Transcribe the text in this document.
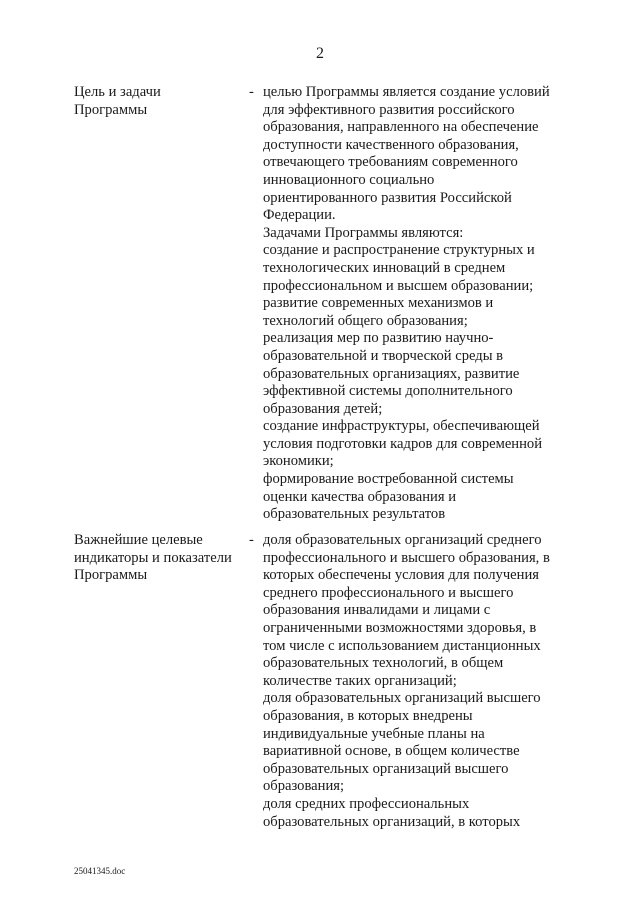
2
Цель и задачи
Программы
- целью Программы является создание условий
для эффективного развития российского
образования, направленного на обеспечение
доступности качественного образования,
отвечающего требованиям современного
инновационного социально
ориентированного развития Российской
Федерации.
Задачами Программы являются:
создание и распространение структурных и
технологических инноваций в среднем
профессиональном и высшем образовании;
развитие современных механизмов и
технологий общего образования;
реализация мер по развитию научно-
образовательной и творческой среды в
образовательных организациях, развитие
эффективной системы дополнительного
образования детей;
создание инфраструктуры, обеспечивающей
условия подготовки кадров для современной
экономики;
формирование востребованной системы
оценки качества образования и
образовательных результатов
Важнейшие целевые
индикаторы и показатели
Программы
- доля образовательных организаций среднего
профессионального и высшего образования, в
которых обеспечены условия для получения
среднего профессионального и высшего
образования инвалидами и лицами с
ограниченными возможностями здоровья, в
том числе с использованием дистанционных
образовательных технологий, в общем
количестве таких организаций;
доля образовательных организаций высшего
образования, в которых внедрены
индивидуальные учебные планы на
вариативной основе, в общем количестве
образовательных организаций высшего
образования;
доля средних профессиональных
образовательных организаций, в которых
25041345.doc
